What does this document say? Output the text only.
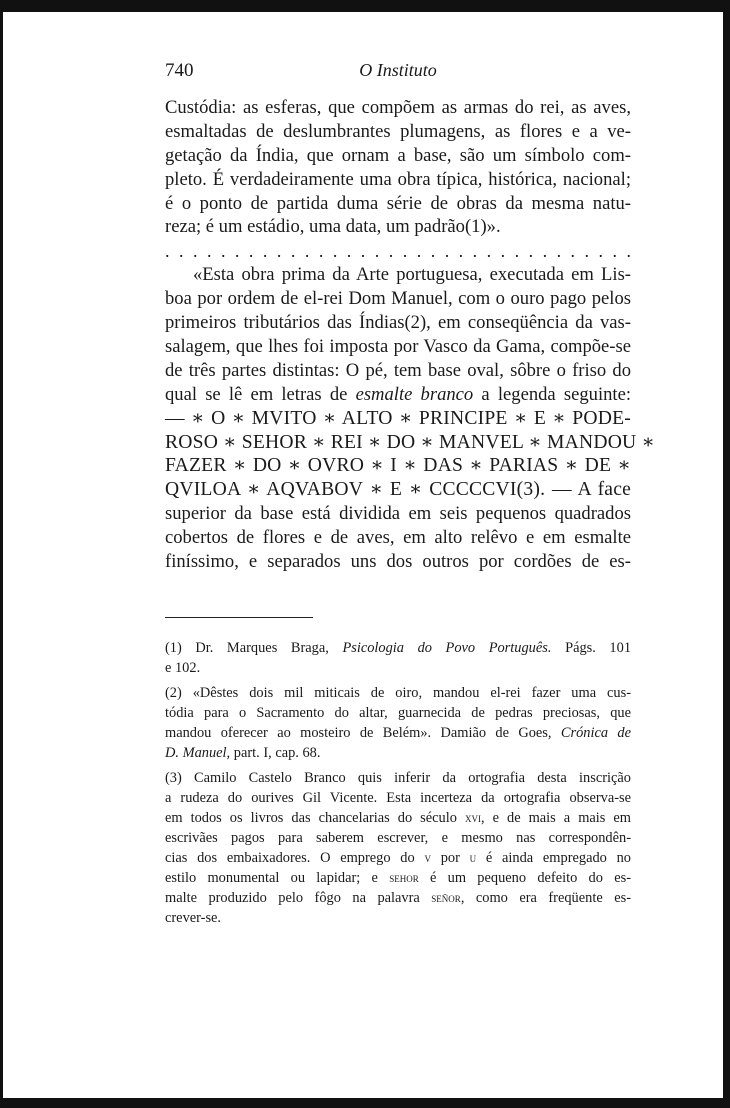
740	O Instituto
Custódia: as esferas, que compõem as armas do rei, as aves,
esmaltadas de deslumbrantes plumagens, as flores e a ve-
getação da Índia, que ornam a base, são um símbolo com-
pleto. É verdadeiramente uma obra típica, histórica, nacional;
é o ponto de partida duma série de obras da mesma natu-
reza; é um estádio, uma data, um padrão(1)».
. . . . . . . . . . . . . . . . . . . . . . . . . . . . . . . . . .
«Esta obra prima da Arte portuguesa, executada em Lis-
boa por ordem de el-rei Dom Manuel, com o ouro pago pelos
primeiros tributários das Índias(2), em conseqüência da vas-
salagem, que lhes foi imposta por Vasco da Gama, compõe-se
de três partes distintas: O pé, tem base oval, sôbre o friso do
qual se lê em letras de esmalte branco a legenda seguinte:
— ∗ O ∗ MVITO ∗ ALTO ∗ PRINCIPE ∗ E ∗ PODE-
ROSO ∗ SEHOR ∗ REI ∗ DO ∗ MANVEL ∗ MANDOU ∗
FAZER ∗ DO ∗ OVRO ∗ I ∗ DAS ∗ PARIAS ∗ DE ∗
QVILOA ∗ AQVABOV ∗ E ∗ CCCCCVI(3). — A face
superior da base está dividida em seis pequenos quadrados
cobertos de flores e de aves, em alto relêvo e em esmalte
finíssimo, e separados uns dos outros por cordões de es-
(1) Dr. Marques Braga, Psicologia do Povo Português. Págs. 101
e 102.
(2) «Dêstes dois mil miticais de oiro, mandou el-rei fazer uma cus-
tódia para o Sacramento do altar, guarnecida de pedras preciosas, que
mandou oferecer ao mosteiro de Belém». Damião de Goes, Crónica de
D. Manuel, part. I, cap. 68.
(3) Camilo Castelo Branco quis inferir da ortografia desta inscrição
a rudeza do ourives Gil Vicente. Esta incerteza da ortografia observa-se
em todos os livros das chancelarias do século xvi, e de mais a mais em
escrivães pagos para saberem escrever, e mesmo nas correspondên-
cias dos embaixadores. O emprego do v por u é ainda empregado no
estilo monumental ou lapidar; e sehor é um pequeno defeito do es-
malte produzido pelo fôgo na palavra señor, como era freqüente es-
crever-se.
